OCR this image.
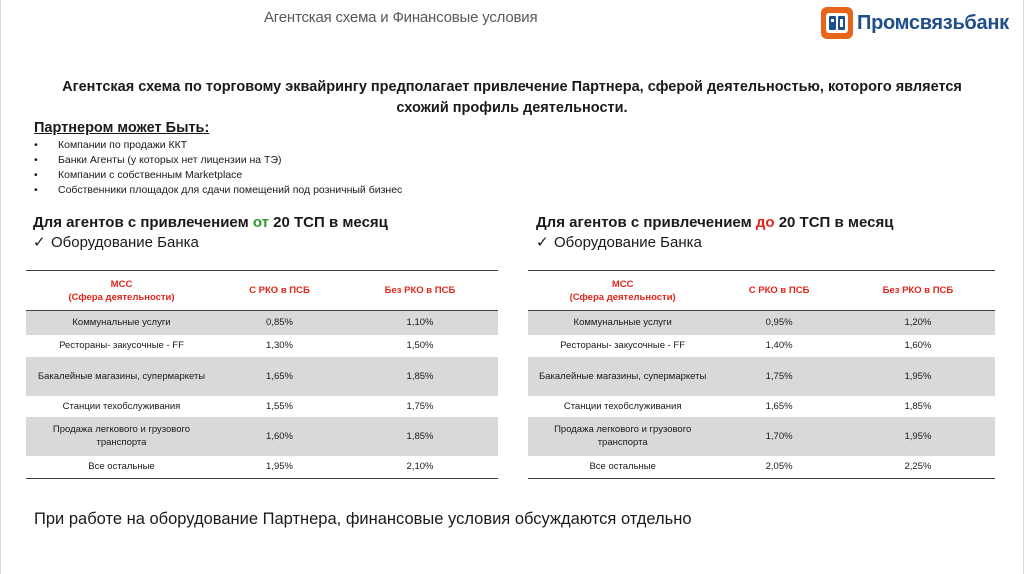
Агентская схема и Финансовые условия	Промсвязьбанк
Агентская схема по торговому эквайрингу предполагает привлечение Партнера, сферой деятельностью, которого является схожий профиль деятельности.
Партнером может Быть:
• Компании по продажи ККТ
• Банки Агенты (у которых нет лицензии на ТЭ)
• Компании с собственным Marketplace
• Собственники площадок для сдачи помещений под розничный бизнес
Для агентов с привлечением от 20 ТСП в месяц
✓ Оборудование Банка
МСС
(Сфера деятельности)	С РКО в ПСБ	Без РКО в ПСБ
Коммунальные услуги	0,85%	1,10%
Рестораны- закусочные - FF	1,30%	1,50%
Бакалейные магазины, супермаркеты	1,65%	1,85%
Станции техобслуживания	1,55%	1,75%
Продажа легкового и грузового
транспорта	1,60%	1,85%
Все остальные	1,95%	2,10%
Для агентов с привлечением до 20 ТСП в месяц
✓ Оборудование Банка
МСС
(Сфера деятельности)	С РКО в ПСБ	Без РКО в ПСБ
Коммунальные услуги	0,95%	1,20%
Рестораны- закусочные - FF	1,40%	1,60%
Бакалейные магазины, супермаркеты	1,75%	1,95%
Станции техобслуживания	1,65%	1,85%
Продажа легкового и грузового
транспорта	1,70%	1,95%
Все остальные	2,05%	2,25%
При работе на оборудование Партнера, финансовые условия обсуждаются отдельно
